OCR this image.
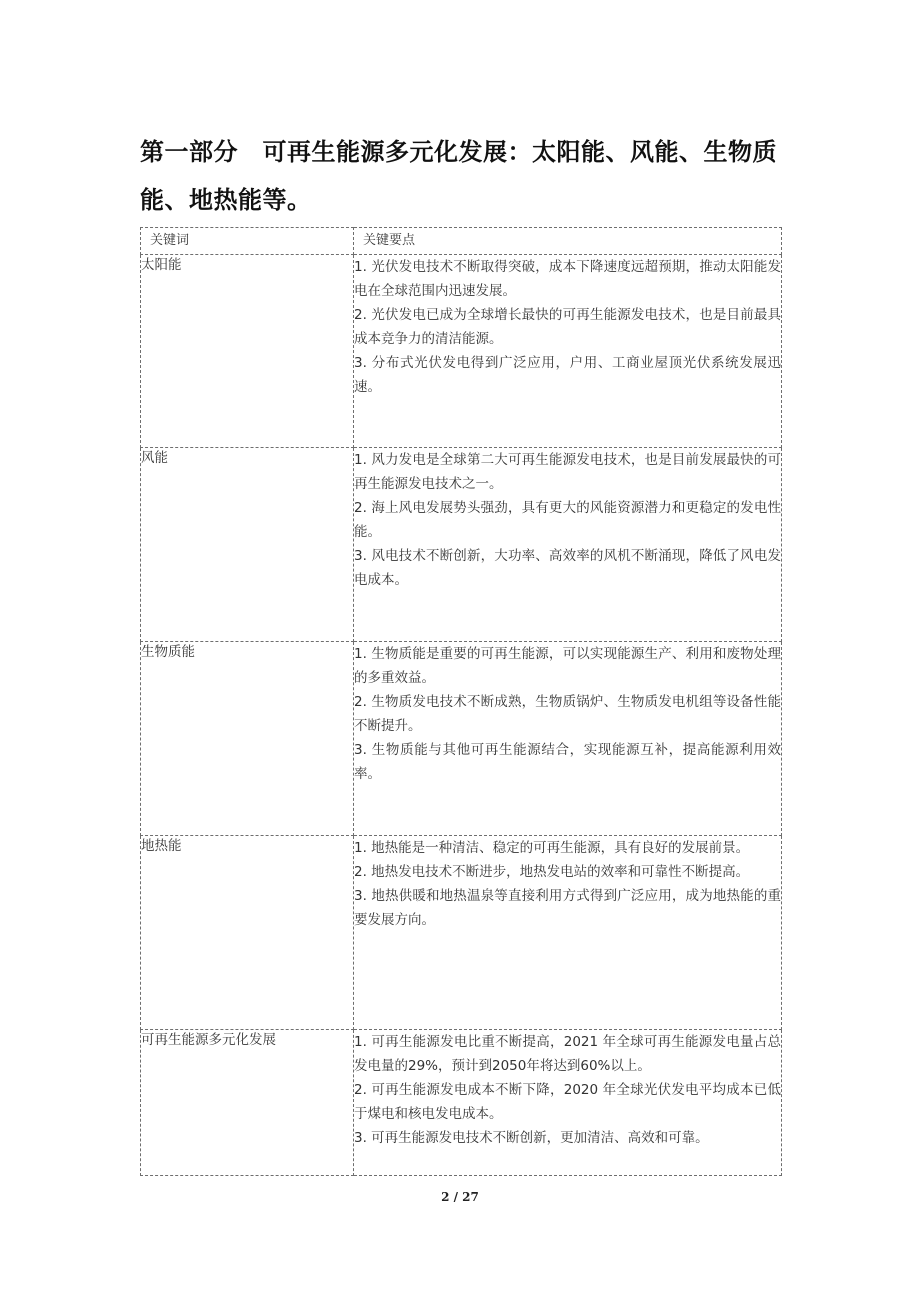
第一部分　可再生能源多元化发展：太阳能、风能、生物质能、地热能等。
关键词	关键要点
太阳能	1. 光伏发电技术不断取得突破，成本下降速度远超预期，推动太阳能发电在全球范围内迅速发展。

2. 光伏发电已成为全球增长最快的可再生能源发电技术，也是目前最具成本竞争力的清洁能源。

3. 分布式光伏发电得到广泛应用，户用、工商业屋顶光伏系统发展迅速。

风能	1. 风力发电是全球第二大可再生能源发电技术，也是目前发展最快的可再生能源发电技术之一。

2. 海上风电发展势头强劲，具有更大的风能资源潜力和更稳定的发电性能。

3. 风电技术不断创新，大功率、高效率的风机不断涌现，降低了风电发电成本。

生物质能	1. 生物质能是重要的可再生能源，可以实现能源生产、利用和废物处理的多重效益。

2. 生物质发电技术不断成熟，生物质锅炉、生物质发电机组等设备性能不断提升。

3. 生物质能与其他可再生能源结合，实现能源互补，提高能源利用效率。

地热能	1. 地热能是一种清洁、稳定的可再生能源，具有良好的发展前景。

2. 地热发电技术不断进步，地热发电站的效率和可靠性不断提高。

3. 地热供暖和地热温泉等直接利用方式得到广泛应用，成为地热能的重要发展方向。

可再生能源多元化发展	1. 可再生能源发电比重不断提高，2021 年全球可再生能源发电量占总发电量的29%，预计到2050年将达到60%以上。

2. 可再生能源发电成本不断下降，2020 年全球光伏发电平均成本已低于煤电和核电发电成本。

3. 可再生能源发电技术不断创新，更加清洁、高效和可靠。

2 / 27
